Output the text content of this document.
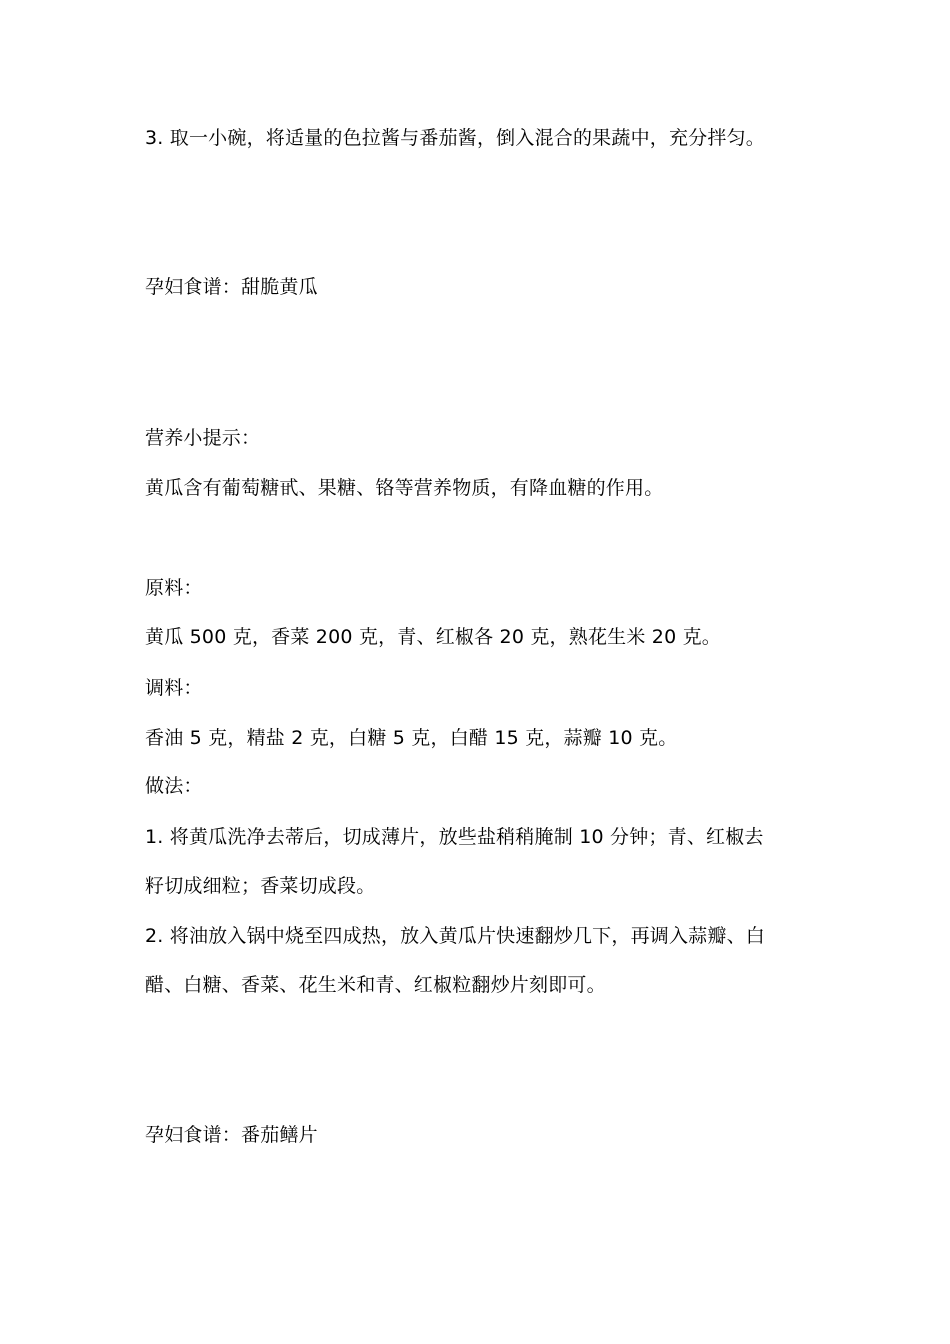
3. 取一小碗，将适量的色拉酱与番茄酱，倒入混合的果蔬中，充分拌匀。
孕妇食谱：甜脆黄瓜
营养小提示：
黄瓜含有葡萄糖甙、果糖、铬等营养物质，有降血糖的作用。
原料：
黄瓜 500 克，香菜 200 克，青、红椒各 20 克，熟花生米 20 克。
调料：
香油 5 克，精盐 2 克，白糖 5 克，白醋 15 克，蒜瓣 10 克。
做法：
1. 将黄瓜洗净去蒂后，切成薄片，放些盐稍稍腌制 10 分钟；青、红椒去
籽切成细粒；香菜切成段。
2. 将油放入锅中烧至四成热，放入黄瓜片快速翻炒几下，再调入蒜瓣、白
醋、白糖、香菜、花生米和青、红椒粒翻炒片刻即可。
孕妇食谱：番茄鳝片
